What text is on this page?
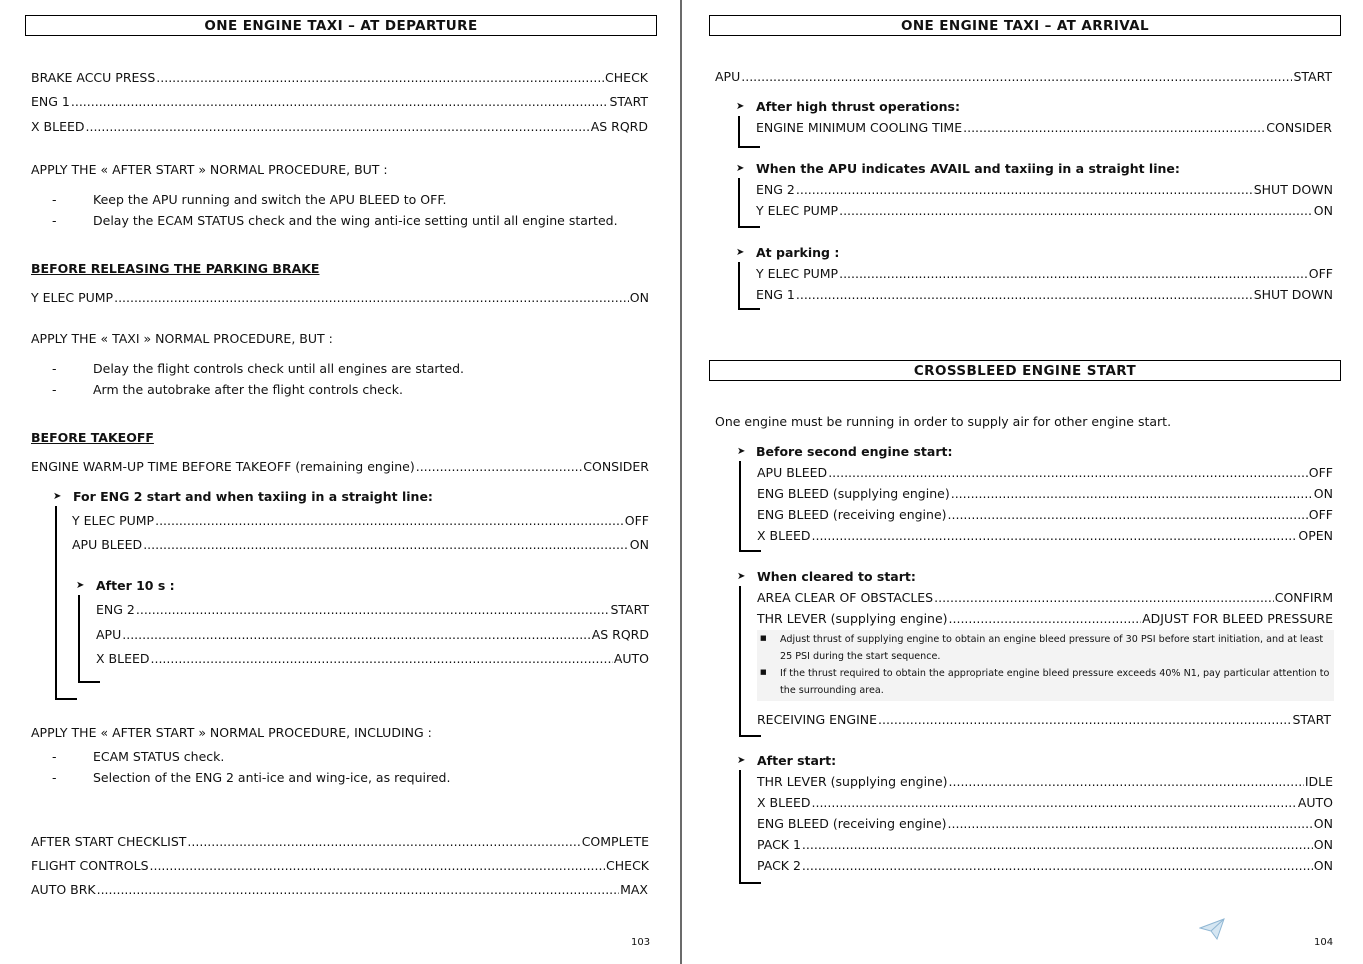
ONE ENGINE TAXI – AT DEPARTURE
BRAKE ACCU PRESS .....	CHECK
ENG 1 .....	START
X BLEED .....	AS RQRD
APPLY THE « AFTER START » NORMAL PROCEDURE, BUT :
-	Keep the APU running and switch the APU BLEED to OFF.
-	Delay the ECAM STATUS check and the wing anti-ice setting until all engine started.
BEFORE RELEASING THE PARKING BRAKE
Y ELEC PUMP .....	ON
APPLY THE « TAXI » NORMAL PROCEDURE, BUT :
-	Delay the flight controls check until all engines are started.
-	Arm the autobrake after the flight controls check.
BEFORE TAKEOFF
ENGINE WARM-UP TIME BEFORE TAKEOFF (remaining engine) .....	CONSIDER
➤ For ENG 2 start and when taxiing in a straight line:
Y ELEC PUMP .....	OFF
APU BLEED .....	ON
➤ After 10 s :
ENG 2 .....	START
APU .....	AS RQRD
X BLEED .....	AUTO
APPLY THE « AFTER START » NORMAL PROCEDURE, INCLUDING :
-	ECAM STATUS check.
-	Selection of the ENG 2 anti-ice and wing-ice, as required.
AFTER START CHECKLIST .....	COMPLETE
FLIGHT CONTROLS .....	CHECK
AUTO BRK .....	MAX
103
ONE ENGINE TAXI – AT ARRIVAL
APU .....	START
➤ After high thrust operations:
ENGINE MINIMUM COOLING TIME .....	CONSIDER
➤ When the APU indicates AVAIL and taxiing in a straight line:
ENG 2 .....	SHUT DOWN
Y ELEC PUMP .....	ON
➤ At parking :
Y ELEC PUMP .....	OFF
ENG 1 .....	SHUT DOWN
CROSSBLEED ENGINE START
One engine must be running in order to supply air for other engine start.
➤ Before second engine start:
APU BLEED .....	OFF
ENG BLEED (supplying engine) .....	ON
ENG BLEED (receiving engine) .....	OFF
X BLEED .....	OPEN
➤ When cleared to start:
AREA CLEAR OF OBSTACLES .....	CONFIRM
THR LEVER (supplying engine) .....	ADJUST FOR BLEED PRESSURE
■ Adjust thrust of supplying engine to obtain an engine bleed pressure of 30 PSI before start initiation, and at least 25 PSI during the start sequence.
■ If the thrust required to obtain the appropriate engine bleed pressure exceeds 40% N1, pay particular attention to the surrounding area.
RECEIVING ENGINE .....	START
➤ After start:
THR LEVER (supplying engine) .....	IDLE
X BLEED .....	AUTO
ENG BLEED (receiving engine) .....	ON
PACK 1 .....	ON
PACK 2 .....	ON
104
